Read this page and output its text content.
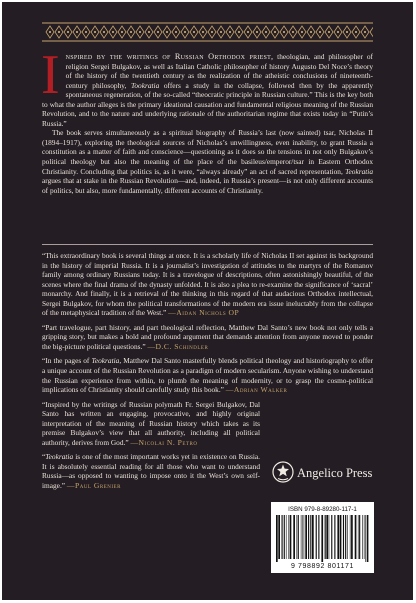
Inspired by the writings of Russian Orthodox priest, theologian, and philosopher of religion Sergei Bulgakov, as well as Italian Catholic philosopher of history Augusto Del Noce’s theory of the history of the twentieth century as the realization of the atheistic conclusions of nineteenth-century philosophy, Tookratia offers a study in the collapse, followed then by the apparently spontaneous regeneration, of the so-called “theocratic principle in Russian culture.” This is the key both to what the author alleges is the primary ideational causation and fundamental religious meaning of the Russian Revolution, and to the nature and underlying rationale of the authoritarian regime that exists today in “Putin’s Russia.”

The book serves simultaneously as a spiritual biography of Russia’s last (now sainted) tsar, Nicholas II (1894–1917), exploring the theological sources of Nicholas’s unwillingness, even inability, to grant Russia a constitution as a matter of faith and conscience—questioning as it does so the tensions in not only Bulgakov’s political theology but also the meaning of the place of the basileus/emperor/tsar in Eastern Orthodox Christianity. Concluding that politics is, as it were, “always already” an act of sacred representation, Teokratia argues that at stake in the Russian Revolution—and, indeed, in Russia’s present—is not only different accounts of politics, but also, more fundamentally, different accounts of Christianity.

“This extraordinary book is several things at once. It is a scholarly life of Nicholas II set against its background in the history of imperial Russia. It is a journalist’s investigation of attitudes to the martyrs of the Romanov family among ordinary Russians today. It is a travelogue of descriptions, often astonishingly beautiful, of the scenes where the final drama of the dynasty unfolded. It is also a plea to re-examine the significance of ‘sacral’ monarchy. And finally, it is a retrieval of the thinking in this regard of that audacious Orthodox intellectual, Sergei Bulgakov, for whom the political transformations of the modern era issue ineluctably from the collapse of the metaphysical tradition of the West.” —Aidan Nichols OP

“Part travelogue, part history, and part theological reflection, Matthew Dal Santo’s new book not only tells a gripping story, but makes a bold and profound argument that demands attention from anyone moved to ponder the big-picture political questions.” —D.C. Schindler

“In the pages of Teokratia, Matthew Dal Santo masterfully blends political theology and historiography to offer a unique account of the Russian Revolution as a paradigm of modern secularism. Anyone wishing to understand the Russian experience from within, to plumb the meaning of modernity, or to grasp the cosmo-political implications of Christianity should carefully study this book.” —Adrian Walker

“Inspired by the writings of Russian polymath Fr. Sergei Bulgakov, Dal Santo has written an engaging, provocative, and highly original interpretation of the meaning of Russian history which takes as its premise Bulgakov’s view that all authority, including all political authority, derives from God.” —Nicolai N. Petro

“Teokratia is one of the most important works yet in existence on Russia. It is absolutely essential reading for all those who want to understand Russia—as opposed to wanting to impose onto it the West’s own self-image.” —Paul Grenier

Angelico Press
ISBN 979-8-89280-117-1
9 798892 801171
